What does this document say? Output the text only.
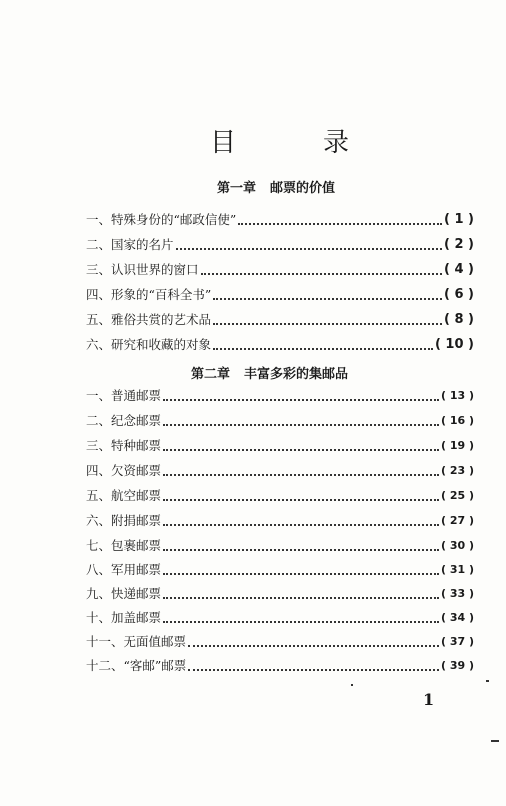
目	录
第一章 邮票的价值
一、 特殊身份的“邮政信使”	( 1 )
二、 国家的名片	( 2 )
三、 认识世界的窗口	( 4 )
四、 形象的“百科全书”	( 6 )
五、 雅俗共赏的艺术品	( 8 )
六、 研究和收藏的对象	( 10 )
第二章 丰富多彩的集邮品
一、 普通邮票	( 13 )
二、 纪念邮票	( 16 )
三、 特种邮票	( 19 )
四、 欠资邮票	( 23 )
五、 航空邮票	( 25 )
六、 附捐邮票	( 27 )
七、 包裹邮票	( 30 )
八、 军用邮票	( 31 )
九、 快递邮票	( 33 )
十、 加盖邮票	( 34 )
十一、 无面值邮票	( 37 )
十二、 “客邮”邮票	( 39 )
1
